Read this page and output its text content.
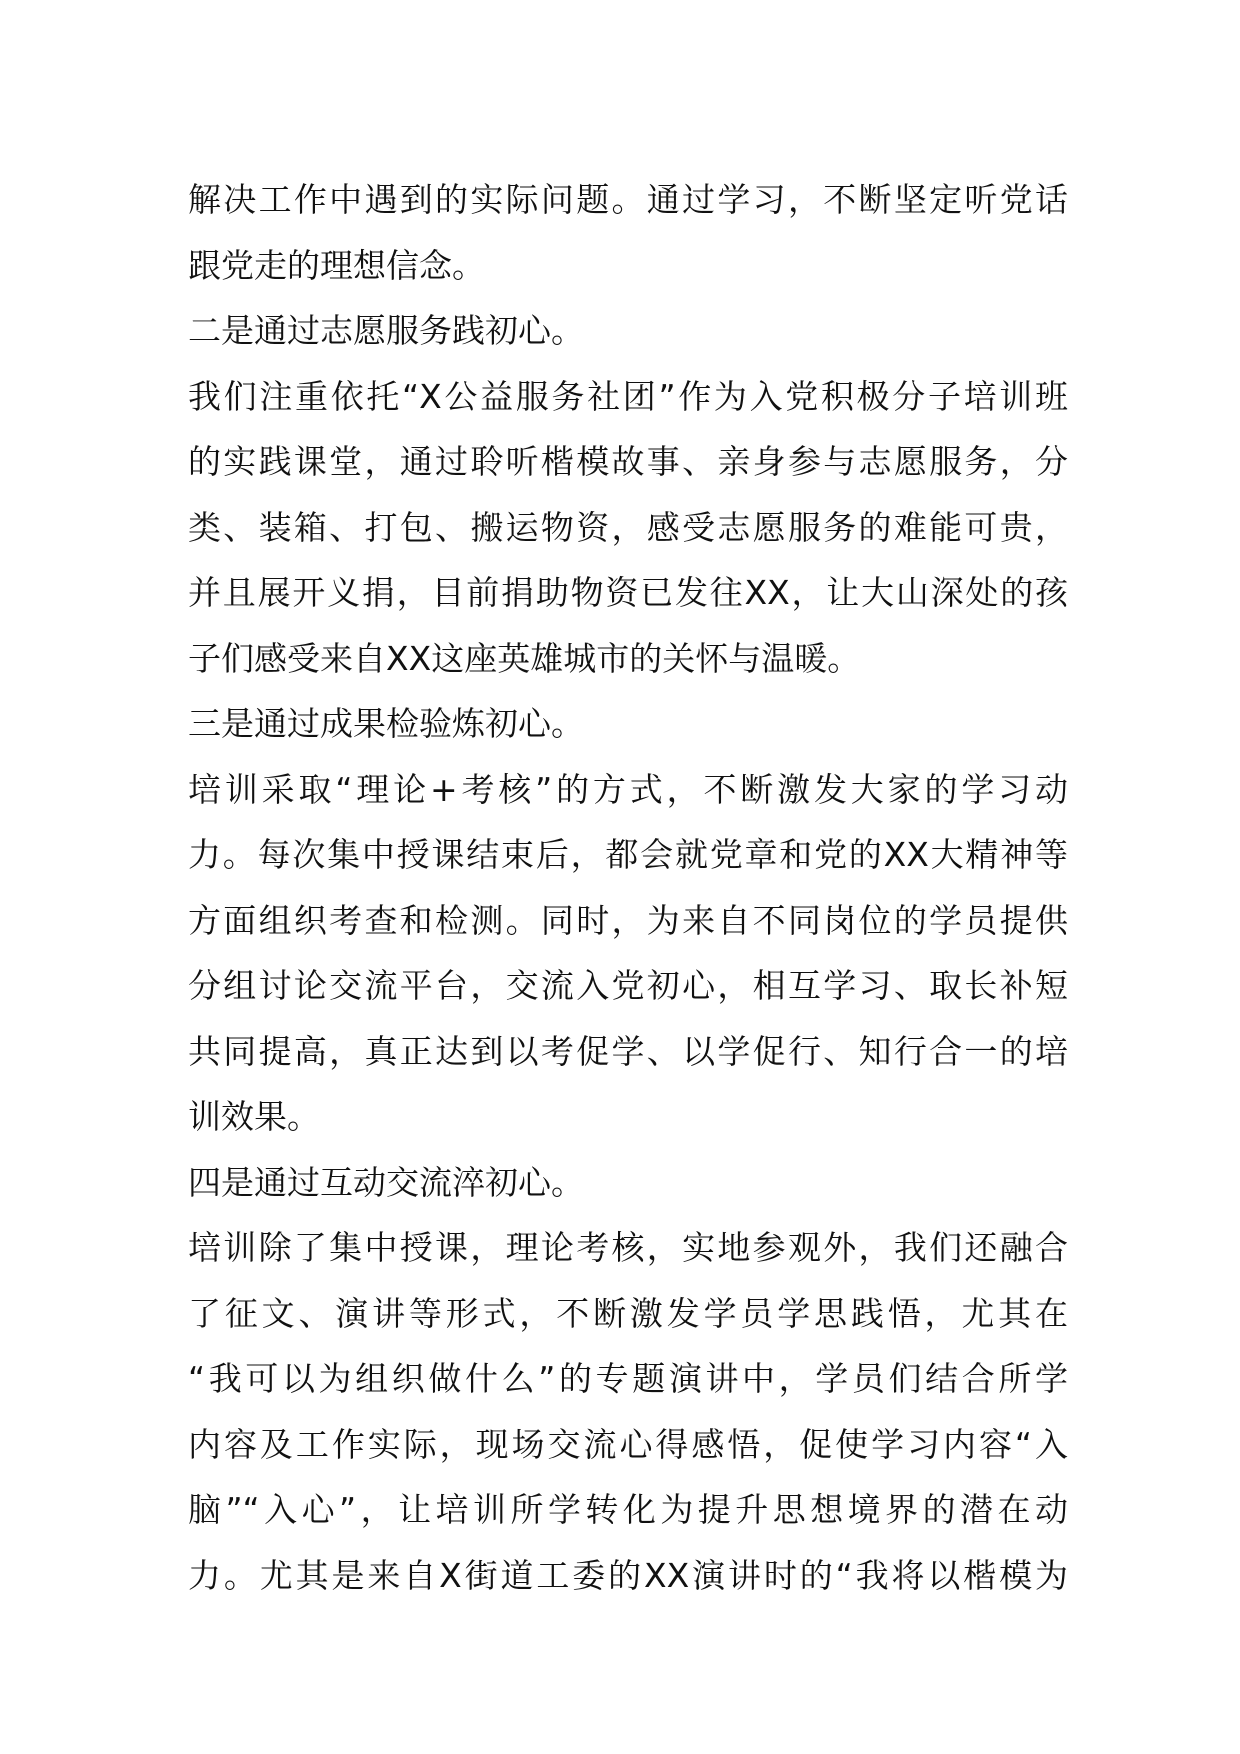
解决工作中遇到的实际问题。通过学习，不断坚定听党话
跟党走的理想信念。
二是通过志愿服务践初心。
我们注重依托“X公益服务社团”作为入党积极分子培训班
的实践课堂，通过聆听楷模故事、亲身参与志愿服务，分
类、装箱、打包、搬运物资，感受志愿服务的难能可贵，
并且展开义捐，目前捐助物资已发往XX，让大山深处的孩
子们感受来自XX这座英雄城市的关怀与温暖。
三是通过成果检验炼初心。
培训采取“理论+考核”的方式，不断激发大家的学习动
力。每次集中授课结束后，都会就党章和党的XX大精神等
方面组织考查和检测。同时，为来自不同岗位的学员提供
分组讨论交流平台，交流入党初心，相互学习、取长补短
共同提高，真正达到以考促学、以学促行、知行合一的培
训效果。
四是通过互动交流淬初心。
培训除了集中授课，理论考核，实地参观外，我们还融合
了征文、演讲等形式，不断激发学员学思践悟，尤其在
“我可以为组织做什么”的专题演讲中，学员们结合所学
内容及工作实际，现场交流心得感悟，促使学习内容“入
脑”“入心”，让培训所学转化为提升思想境界的潜在动
力。尤其是来自X街道工委的XX演讲时的“我将以楷模为
